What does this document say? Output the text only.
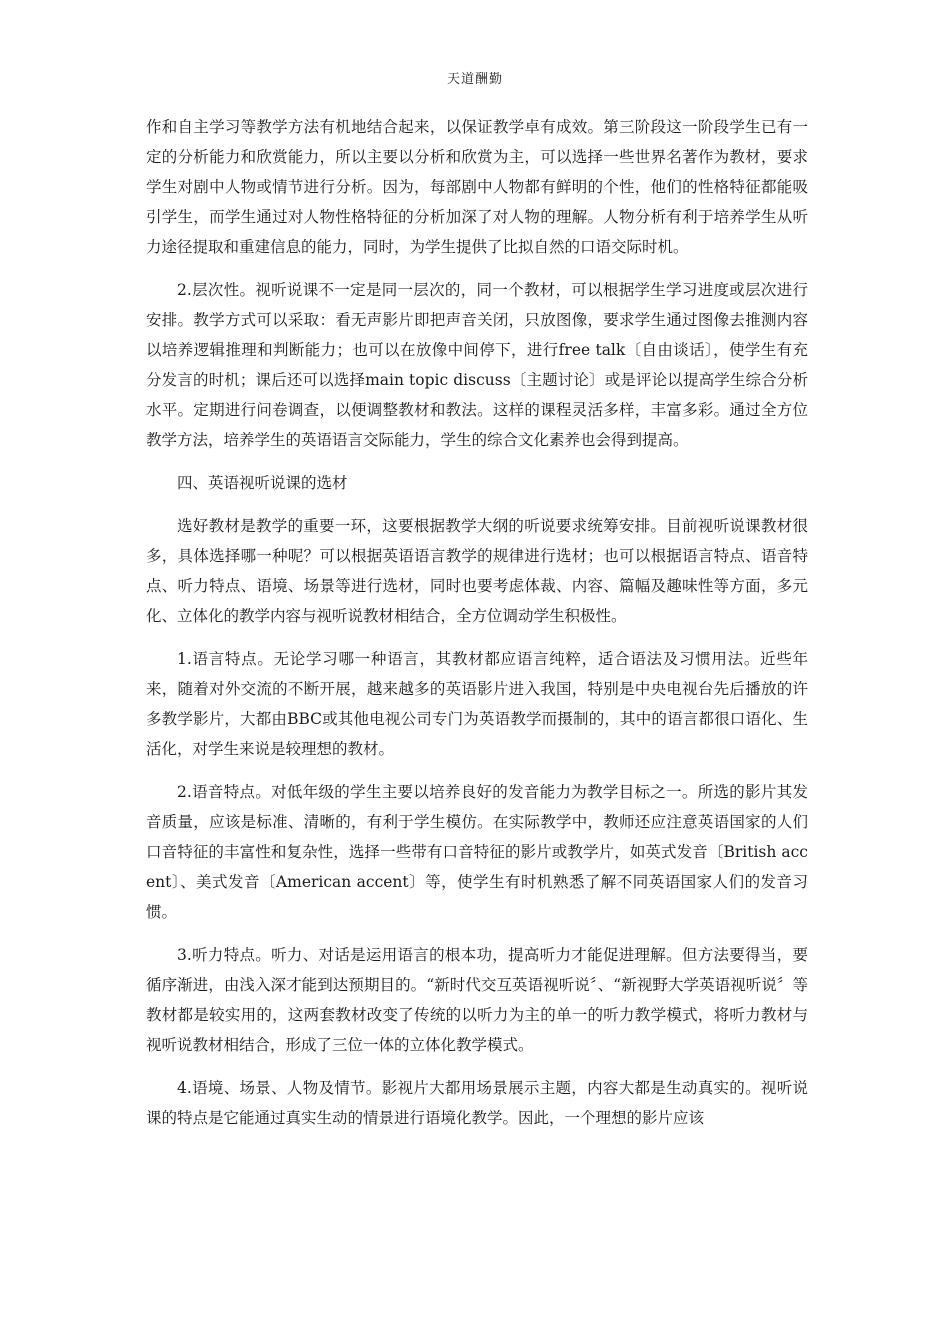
天道酬勤

作和自主学习等教学方法有机地结合起来，以保证教学卓有成效。第三阶段这一阶段学生已有一定的分析能力和欣赏能力，所以主要以分析和欣赏为主，可以选择一些世界名著作为教材，要求学生对剧中人物或情节进行分析。因为，每部剧中人物都有鲜明的个性，他们的性格特征都能吸引学生，而学生通过对人物性格特征的分析加深了对人物的理解。人物分析有利于培养学生从听力途径提取和重建信息的能力，同时，为学生提供了比拟自然的口语交际时机。

2.层次性。视听说课不一定是同一层次的，同一个教材，可以根据学生学习进度或层次进行安排。教学方式可以采取：看无声影片即把声音关闭，只放图像，要求学生通过图像去推测内容以培养逻辑推理和判断能力；也可以在放像中间停下，进行free talk〔自由谈话〕，使学生有充分发言的时机；课后还可以选择main topic discuss〔主题讨论〕或是评论以提高学生综合分析水平。定期进行问卷调查，以便调整教材和教法。这样的课程灵活多样，丰富多彩。通过全方位教学方法，培养学生的英语语言交际能力，学生的综合文化素养也会得到提高。

四、英语视听说课的选材

选好教材是教学的重要一环，这要根据教学大纲的听说要求统筹安排。目前视听说课教材很多，具体选择哪一种呢？可以根据英语语言教学的规律进行选材；也可以根据语言特点、语音特点、听力特点、语境、场景等进行选材，同时也要考虑体裁、内容、篇幅及趣味性等方面，多元化、立体化的教学内容与视听说教材相结合，全方位调动学生积极性。

1.语言特点。无论学习哪一种语言，其教材都应语言纯粹，适合语法及习惯用法。近些年来，随着对外交流的不断开展，越来越多的英语影片进入我国，特别是中央电视台先后播放的许多教学影片，大都由BBC或其他电视公司专门为英语教学而摄制的，其中的语言都很口语化、生活化，对学生来说是较理想的教材。

2.语音特点。对低年级的学生主要以培养良好的发音能力为教学目标之一。所选的影片其发音质量，应该是标准、清晰的，有利于学生模仿。在实际教学中，教师还应注意英语国家的人们口音特征的丰富性和复杂性，选择一些带有口音特征的影片或教学片，如英式发音〔British accent〕、美式发音〔American accent〕等，使学生有时机熟悉了解不同英语国家人们的发音习惯。

3.听力特点。听力、对话是运用语言的根本功，提高听力才能促进理解。但方法要得当，要循序渐进，由浅入深才能到达预期目的。“新时代交互英语视听说〞、“新视野大学英语视听说〞等教材都是较实用的，这两套教材改变了传统的以听力为主的单一的听力教学模式，将听力教材与视听说教材相结合，形成了三位一体的立体化教学模式。

4.语境、场景、人物及情节。影视片大都用场景展示主题，内容大都是生动真实的。视听说课的特点是它能通过真实生动的情景进行语境化教学。因此，一个理想的影片应该
